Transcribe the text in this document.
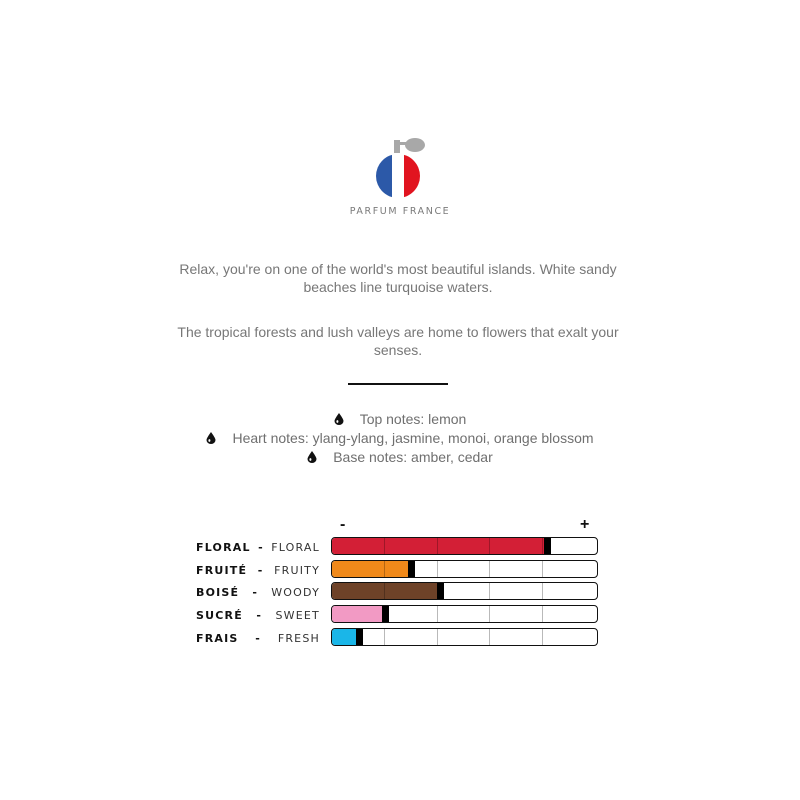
PARFUM FRANCE
Relax, you're on one of the world's most beautiful islands. White sandy beaches line turquoise waters.
The tropical forests and lush valleys are home to flowers that exalt your senses.
Top notes: lemon
Heart notes: ylang-ylang, jasmine, monoi, orange blossom
Base notes: amber, cedar
-	+
FLORAL - FLORAL
FRUITÉ - FRUITY
BOISÉ - WOODY
SUCRÉ - SWEET
FRAIS - FRESH
